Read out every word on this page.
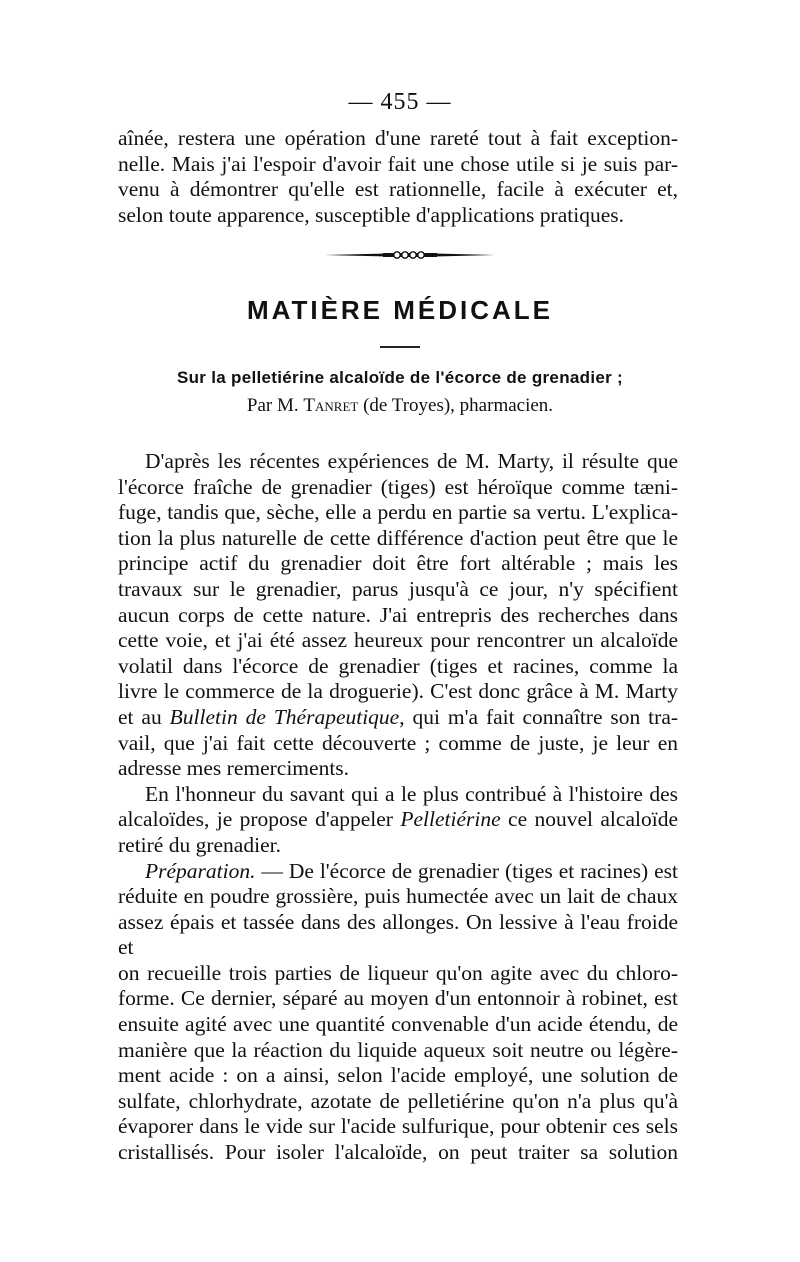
— 455 —

aînée, restera une opération d'une rareté tout à fait exception-

nelle. Mais j'ai l'espoir d'avoir fait une chose utile si je suis par-

venu à démontrer qu'elle est rationnelle, facile à exécuter et,

selon toute apparence, susceptible d'applications pratiques.

MATIÈRE MÉDICALE
Sur la pelletiérine alcaloïde de l'écorce de grenadier ;
Par M. Tanret (de Troyes), pharmacien.

D'après les récentes expériences de M. Marty, il résulte que

l'écorce fraîche de grenadier (tiges) est héroïque comme tæni-

fuge, tandis que, sèche, elle a perdu en partie sa vertu. L'explica-

tion la plus naturelle de cette différence d'action peut être que le

principe actif du grenadier doit être fort altérable ; mais les

travaux sur le grenadier, parus jusqu'à ce jour, n'y spécifient

aucun corps de cette nature. J'ai entrepris des recherches dans

cette voie, et j'ai été assez heureux pour rencontrer un alcaloïde

volatil dans l'écorce de grenadier (tiges et racines, comme la

livre le commerce de la droguerie). C'est donc grâce à M. Marty

et au Bulletin de Thérapeutique, qui m'a fait connaître son tra-

vail, que j'ai fait cette découverte ; comme de juste, je leur en

adresse mes remerciments.

En l'honneur du savant qui a le plus contribué à l'histoire des

alcaloïdes, je propose d'appeler Pelletiérine ce nouvel alcaloïde

retiré du grenadier.

Préparation. — De l'écorce de grenadier (tiges et racines) est

réduite en poudre grossière, puis humectée avec un lait de chaux

assez épais et tassée dans des allonges. On lessive à l'eau froide et

on recueille trois parties de liqueur qu'on agite avec du chloro-

forme. Ce dernier, séparé au moyen d'un entonnoir à robinet, est

ensuite agité avec une quantité convenable d'un acide étendu, de

manière que la réaction du liquide aqueux soit neutre ou légère-

ment acide : on a ainsi, selon l'acide employé, une solution de

sulfate, chlorhydrate, azotate de pelletiérine qu'on n'a plus qu'à

évaporer dans le vide sur l'acide sulfurique, pour obtenir ces sels

cristallisés. Pour isoler l'alcaloïde, on peut traiter sa solution
